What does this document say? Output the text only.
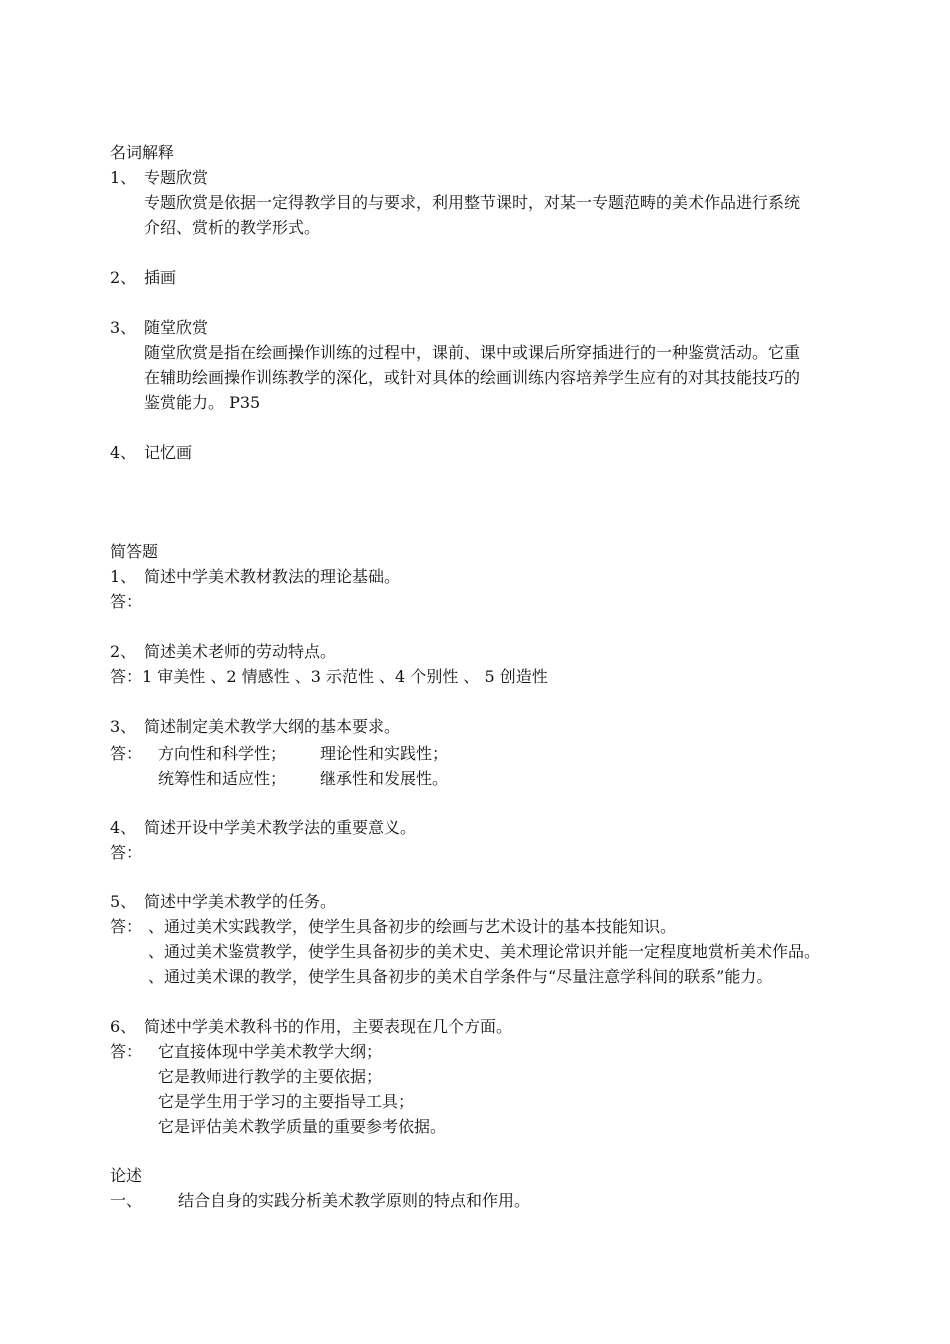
名词解释
1、 专题欣赏
专题欣赏是依据一定得教学目的与要求，利用整节课时，对某一专题范畴的美术作品进行系统
介绍、赏析的教学形式。
2、 插画
3、 随堂欣赏
随堂欣赏是指在绘画操作训练的过程中，课前、课中或课后所穿插进行的一种鉴赏活动。它重
在辅助绘画操作训练教学的深化，或针对具体的绘画训练内容培养学生应有的对其技能技巧的
鉴赏能力。 P35
4、 记忆画
简答题
1、 简述中学美术教材教法的理论基础。
答：
2、 简述美术老师的劳动特点。
答：1 审美性 、2 情感性 、3 示范性 、4 个别性 、 5 创造性
3、 简述制定美术教学大纲的基本要求。
答： 方向性和科学性； 理论性和实践性；
统筹性和适应性； 继承性和发展性。
4、 简述开设中学美术教学法的重要意义。
答：
5、 简述中学美术教学的任务。
答： 、通过美术实践教学，使学生具备初步的绘画与艺术设计的基本技能知识。
、通过美术鉴赏教学，使学生具备初步的美术史、美术理论常识并能一定程度地赏析美术作品。
、通过美术课的教学，使学生具备初步的美术自学条件与“尽量注意学科间的联系”能力。
6、 简述中学美术教科书的作用，主要表现在几个方面。
答： 它直接体现中学美术教学大纲；
它是教师进行教学的主要依据；
它是学生用于学习的主要指导工具；
它是评估美术教学质量的重要参考依据。
论述
一、 结合自身的实践分析美术教学原则的特点和作用。
